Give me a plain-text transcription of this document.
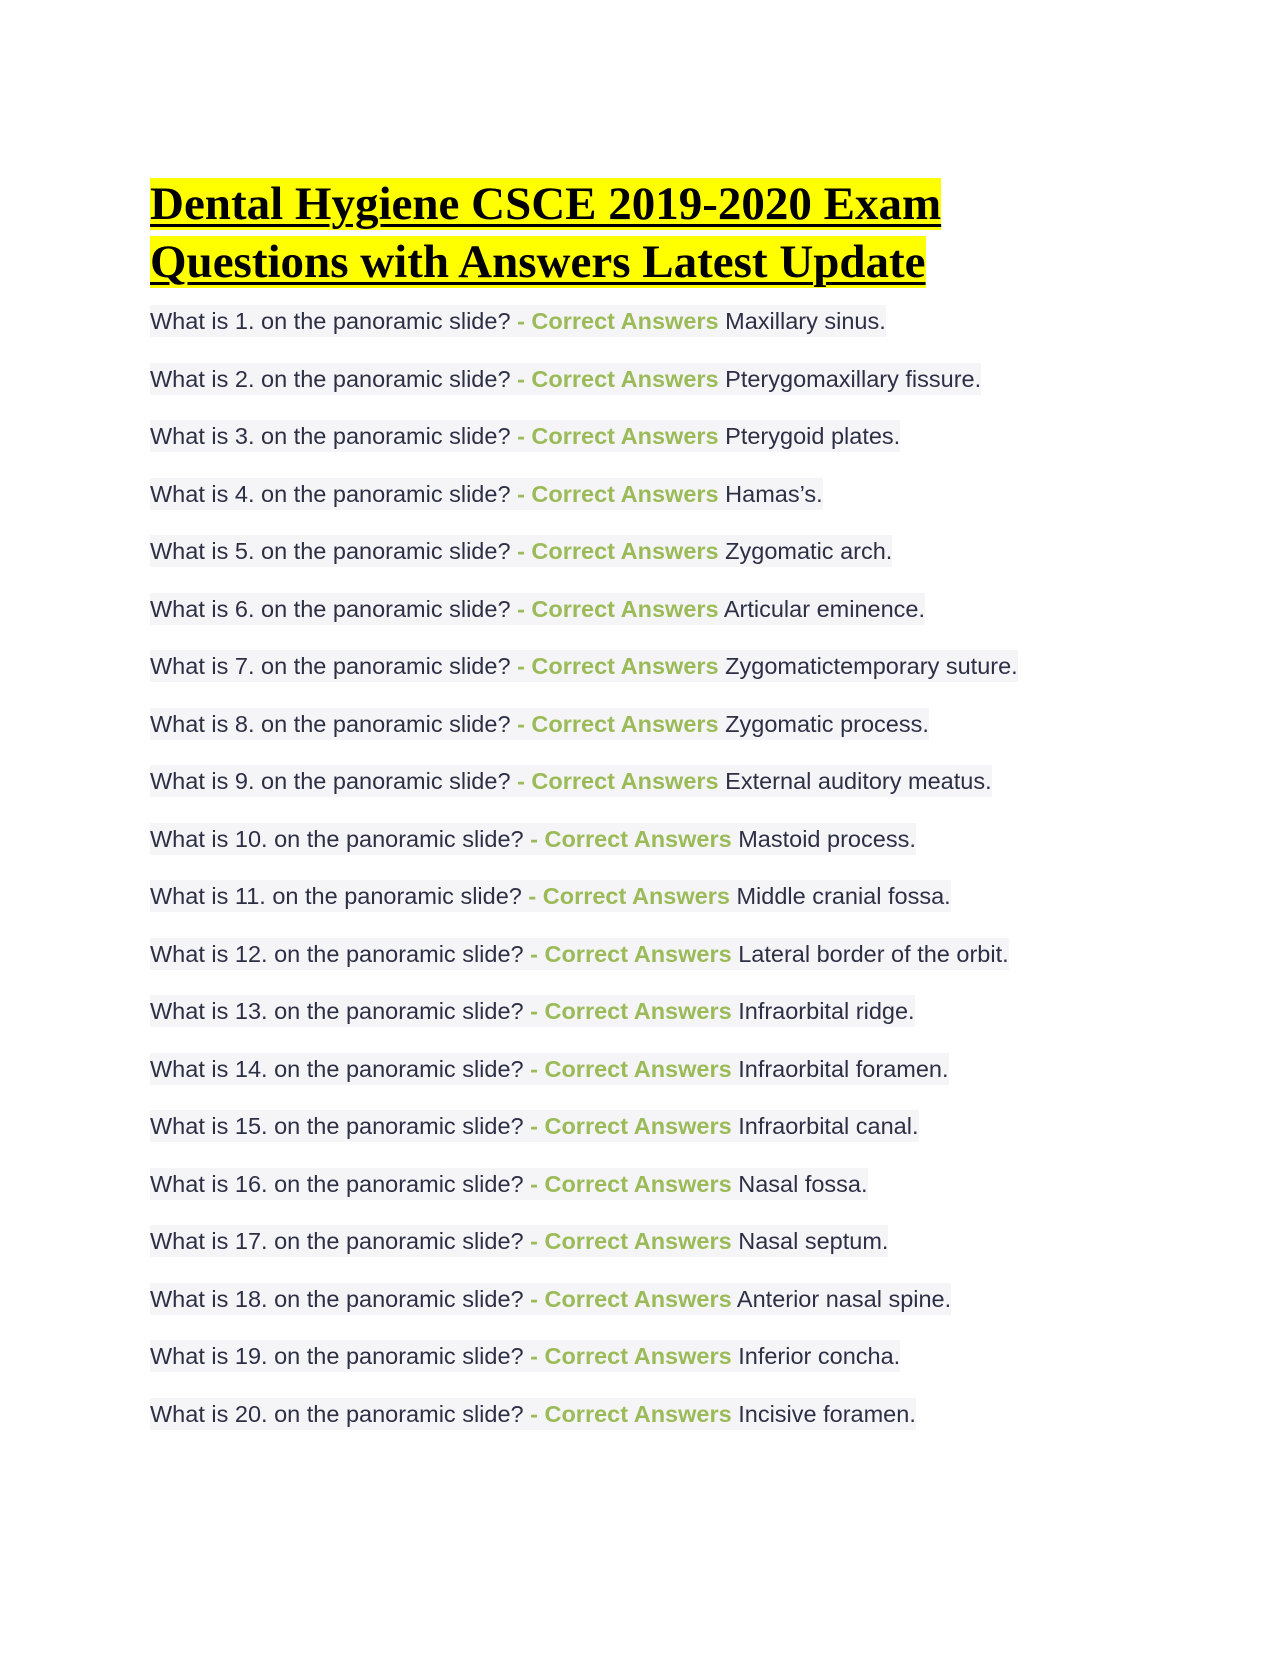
Dental Hygiene CSCE 2019-2020 Exam Questions with Answers Latest Update
What is 1. on the panoramic slide? - Correct Answers Maxillary sinus.
What is 2. on the panoramic slide? - Correct Answers Pterygomaxillary fissure.
What is 3. on the panoramic slide? - Correct Answers Pterygoid plates.
What is 4. on the panoramic slide? - Correct Answers Hamas’s.
What is 5. on the panoramic slide? - Correct Answers Zygomatic arch.
What is 6. on the panoramic slide? - Correct Answers Articular eminence.
What is 7. on the panoramic slide? - Correct Answers Zygomatictemporary suture.
What is 8. on the panoramic slide? - Correct Answers Zygomatic process.
What is 9. on the panoramic slide? - Correct Answers External auditory meatus.
What is 10. on the panoramic slide? - Correct Answers Mastoid process.
What is 11. on the panoramic slide? - Correct Answers Middle cranial fossa.
What is 12. on the panoramic slide? - Correct Answers Lateral border of the orbit.
What is 13. on the panoramic slide? - Correct Answers Infraorbital ridge.
What is 14. on the panoramic slide? - Correct Answers Infraorbital foramen.
What is 15. on the panoramic slide? - Correct Answers Infraorbital canal.
What is 16. on the panoramic slide? - Correct Answers Nasal fossa.
What is 17. on the panoramic slide? - Correct Answers Nasal septum.
What is 18. on the panoramic slide? - Correct Answers Anterior nasal spine.
What is 19. on the panoramic slide? - Correct Answers Inferior concha.
What is 20. on the panoramic slide? - Correct Answers Incisive foramen.
